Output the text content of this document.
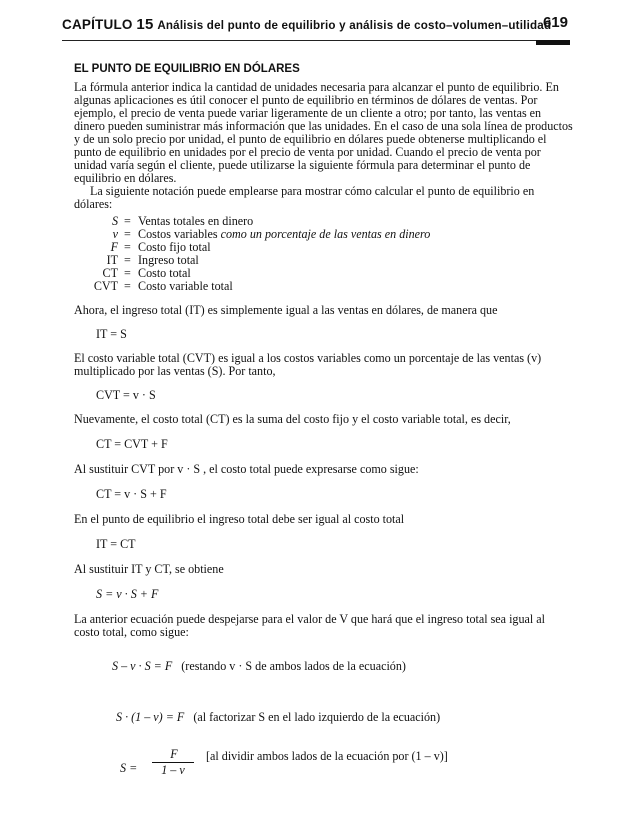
CAPÍTULO 15 Análisis del punto de equilibrio y análisis de costo–volumen–utilidad
619
EL PUNTO DE EQUILIBRIO EN DÓLARES
La fórmula anterior indica la cantidad de unidades necesaria para alcanzar el punto de equilibrio. En
algunas aplicaciones es útil conocer el punto de equilibrio en términos de dólares de ventas. Por
ejemplo, el precio de venta puede variar ligeramente de un cliente a otro; por tanto, las ventas en
dinero pueden suministrar más información que las unidades. En el caso de una sola línea de productos
y de un solo precio por unidad, el punto de equilibrio en dólares puede obtenerse multiplicando el
punto de equilibrio en unidades por el precio de venta por unidad. Cuando el precio de venta por
unidad varía según el cliente, puede utilizarse la siguiente fórmula para determinar el punto de
equilibrio en dólares.
La siguiente notación puede emplearse para mostrar cómo calcular el punto de equilibrio en
dólares:
S = Ventas totales en dinero
v = Costos variables como un porcentaje de las ventas en dinero
F = Costo fijo total
IT = Ingreso total
CT = Costo total
CVT = Costo variable total
Ahora, el ingreso total (IT) es simplemente igual a las ventas en dólares, de manera que
IT = S
El costo variable total (CVT) es igual a los costos variables como un porcentaje de las ventas (v)
multiplicado por las ventas (S). Por tanto,
CVT = v · S
Nuevamente, el costo total (CT) es la suma del costo fijo y el costo variable total, es decir,
CT = CVT + F
Al sustituir CVT por v · S , el costo total puede expresarse como sigue:
CT = v · S + F
En el punto de equilibrio el ingreso total debe ser igual al costo total
IT = CT
Al sustituir IT y CT, se obtiene
S = v · S + F
La anterior ecuación puede despejarse para el valor de V que hará que el ingreso total sea igual al
costo total, como sigue:
S – v · S = F (restando v · S de ambos lados de la ecuación)
S · (1 – v) = F (al factorizar S en el lado izquierdo de la ecuación)
S =
F
1 – v
[al dividir ambos lados de la ecuación por (1 – v)]
